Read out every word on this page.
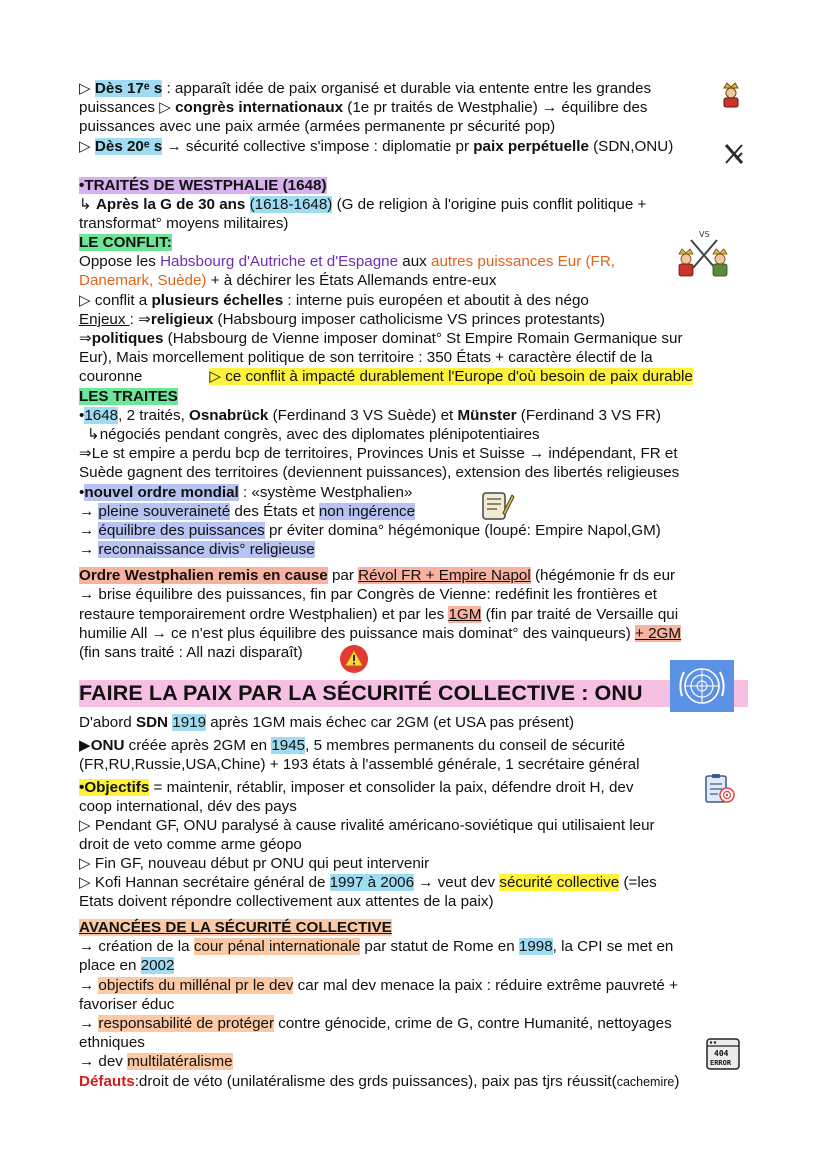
▷ Dès 17ᵉ s : apparaît idée de paix organisé et durable via entente entre les grandes
puissances ▷ congrès internationaux (1e pr traités de Westphalie) → équilibre des
puissances avec une paix armée (armées permanente pr sécurité pop)
▷ Dès 20ᵉ s → sécurité collective s'impose : diplomatie pr paix perpétuelle (SDN,ONU)
•TRAITÉS DE WESTPHALIE (1648)
↳ Après la G de 30 ans (1618-1648) (G de religion à l'origine puis conflit politique +
transformat° moyens militaires)
LE CONFLIT:
Oppose les Habsbourg d'Autriche et d'Espagne aux autres puissances Eur (FR,
Danemark, Suède) + à déchirer les États Allemands entre-eux
▷ conflit a plusieurs échelles : interne puis européen et aboutit à des négo
Enjeux : ⇒religieux (Habsbourg imposer catholicisme VS princes protestants)
⇒politiques (Habsbourg de Vienne imposer dominat° St Empire Romain Germanique sur
Eur), Mais morcellement politique de son territoire : 350 États + caractère électif de la
couronne	▷ ce conflit à impacté durablement l'Europe d'où besoin de paix durable
LES TRAITES
•1648, 2 traités, Osnabrück (Ferdinand 3 VS Suède) et Münster (Ferdinand 3 VS FR)
↳négociés pendant congrès, avec des diplomates plénipotentiaires
⇒Le st empire a perdu bcp de territoires, Provinces Unis et Suisse → indépendant, FR et
Suède gagnent des territoires (deviennent puissances), extension des libertés religieuses
•nouvel ordre mondial : «système Westphalien»
→ pleine souveraineté des États et non ingérence
→ équilibre des puissances pr éviter domina° hégémonique (loupé: Empire Napol,GM)
→ reconnaissance divis° religieuse
Ordre Westphalien remis en cause par Révol FR + Empire Napol (hégémonie fr ds eur
→ brise équilibre des puissances, fin par Congrès de Vienne: redéfinit les frontières et
restaure temporairement ordre Westphalien) et par les 1GM (fin par traité de Versaille qui
humilie All → ce n'est plus équilibre des puissance mais dominat° des vainqueurs) + 2GM
(fin sans traité : All nazi disparaît)
FAIRE LA PAIX PAR LA SÉCURITÉ COLLECTIVE : ONU
D'abord SDN 1919 après 1GM mais échec car 2GM (et USA pas présent)
▶ONU créée après 2GM en 1945, 5 membres permanents du conseil de sécurité
(FR,RU,Russie,USA,Chine) + 193 états à l'assemblé générale, 1 secrétaire général
•Objectifs = maintenir, rétablir, imposer et consolider la paix, défendre droit H, dev
coop international, dév des pays
▷ Pendant GF, ONU paralysé à cause rivalité américano-soviétique qui utilisaient leur
droit de veto comme arme géopo
▷ Fin GF, nouveau début pr ONU qui peut intervenir
▷ Kofi Hannan secrétaire général de 1997 à 2006 → veut dev sécurité collective (=les
Etats doivent répondre collectivement aux attentes de la paix)
AVANCÉES DE LA SÉCURITÉ COLLECTIVE
→ création de la cour pénal internationale par statut de Rome en 1998, la CPI se met en
place en 2002
→ objectifs du millénal pr le dev car mal dev menace la paix : réduire extrême pauvreté +
favoriser éduc
→ responsabilité de protéger contre génocide, crime de G, contre Humanité, nettoyages
ethniques
→ dev multilatéralisme
Défauts:droit de véto (unilatéralisme des grds puissances), paix pas tjrs réussit(cachemire)
VS
404 ERROR
